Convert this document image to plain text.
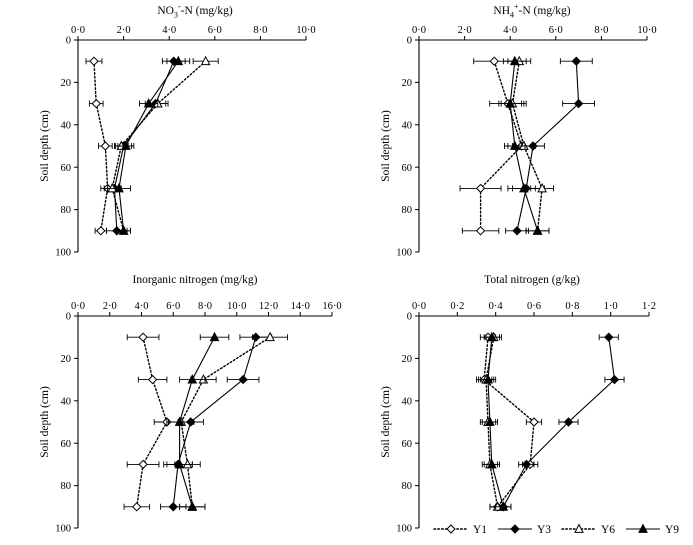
$NO_3^--N$ (mg/kg)
0·0	2·0	4·0	6·0	8·0	10·0
0
20
40
60
80
100
Soil depth (cm)
$NH_4^+-N$ (mg/kg)
0·0	2·0	4·0	6·0	8·0	10·0
0
20
40
60
80
100
Soil depth (cm)
Inorganic nitrogen (mg/kg)
0·0 2·0 4·0 6·0 8·0 10·0 12·0 14·0 16·0
0
20
40
60
80
100
Soil depth (cm)
Total nitrogen (g/kg)
0·0 0·2 0·4 0·6 0·8 1·0 1·2
0
20
40
60
80
100
Soil depth (cm)
Y1	Y3	Y6	Y9
